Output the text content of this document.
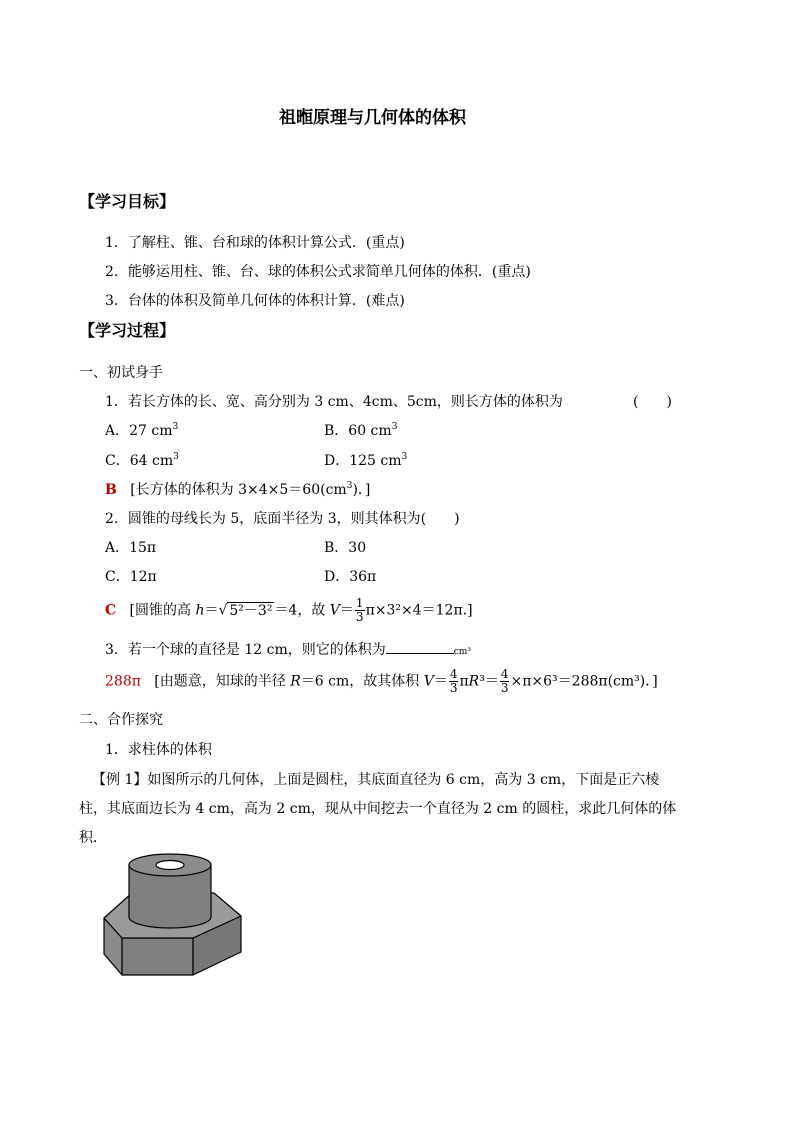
祖暅原理与几何体的体积
【学习目标】
1．了解柱、锥、台和球的体积计算公式．(重点)
2．能够运用柱、锥、台、球的体积公式求简单几何体的体积．(重点)
3．台体的体积及简单几何体的体积计算．(难点)
【学习过程】
一、初试身手
1．若长方体的长、宽、高分别为 3 cm、4cm、5cm，则长方体的体积为	(　　)
A．27 $cm^3$	B．60 $cm^3$
C．64 $cm^3$	D．125 $cm^3$
B [长方体的体积为 $3\times 4\times 5=60(cm^3)$．]
2．圆锥的母线长为 5，底面半径为 3，则其体积为(　　)
A．15π	B．30
C．12π	D．36π
C [圆锥的高 h＝√ 5²－3² ＝4，故 $V= \frac{1}{3} \pi\times 3^2\times 4=12\pi$.]
3．若一个球的直径是 12 cm，则它的体积为	cm³
288π [由题意，知球的半径 R＝6 cm，故其体积 $V= \frac{4}{3} \pi R^3= \frac{4}{3} \times\pi\times 6^3=288\pi(cm^3)$．]
二、合作探究
1．求柱体的体积
【例 1】如图所示的几何体，上面是圆柱，其底面直径为 6 cm，高为 3 cm，下面是正六棱
柱，其底面边长为 4 cm，高为 2 cm，现从中间挖去一个直径为 2 cm 的圆柱，求此几何体的体
积．
